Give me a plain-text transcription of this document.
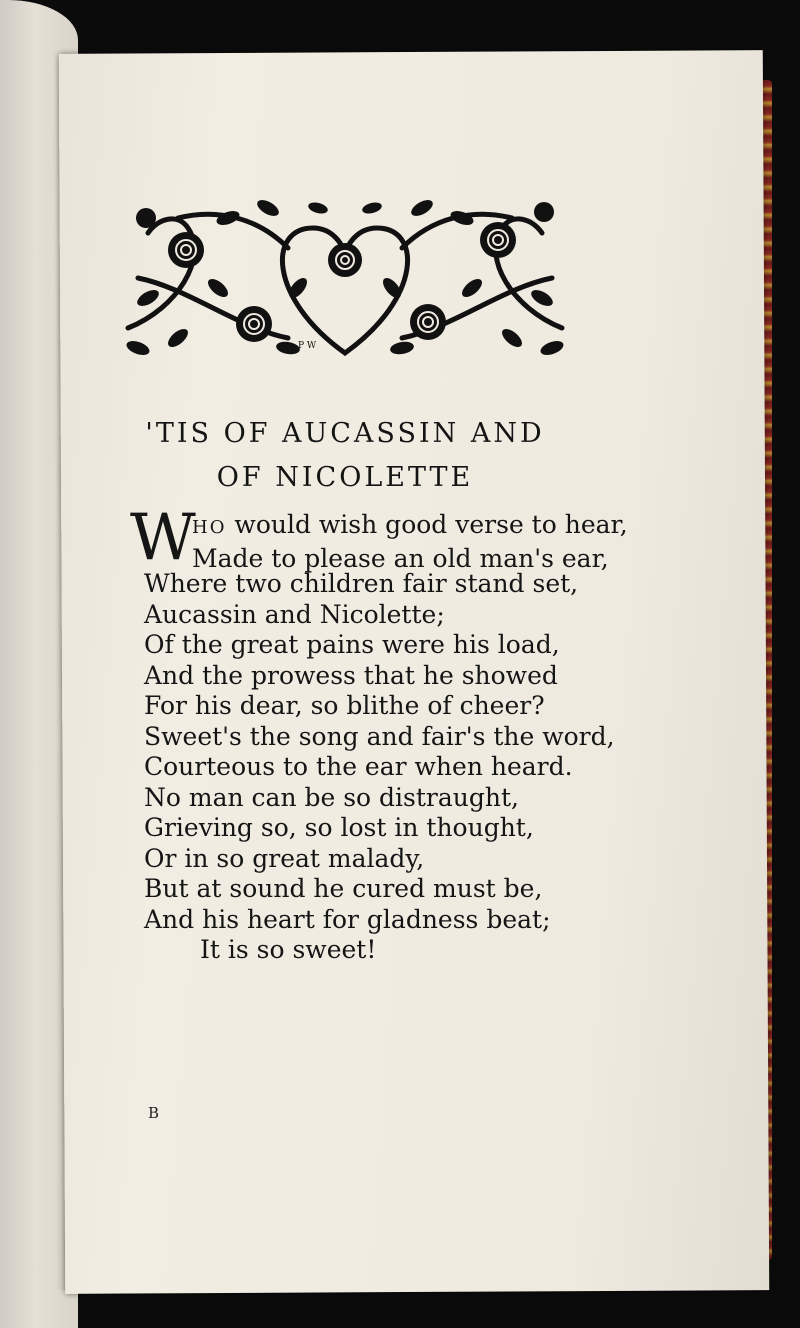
P W
'TIS OF AUCASSIN AND
OF NICOLETTE
W
HO would wish good verse to hear,
Made to please an old man's ear,
Where two children fair stand set,
Aucassin and Nicolette;
Of the great pains were his load,
And the prowess that he showed
For his dear, so blithe of cheer?
Sweet's the song and fair's the word,
Courteous to the ear when heard.
No man can be so distraught,
Grieving so, so lost in thought,
Or in so great malady,
But at sound he cured must be,
And his heart for gladness beat;
It is so sweet!
B
